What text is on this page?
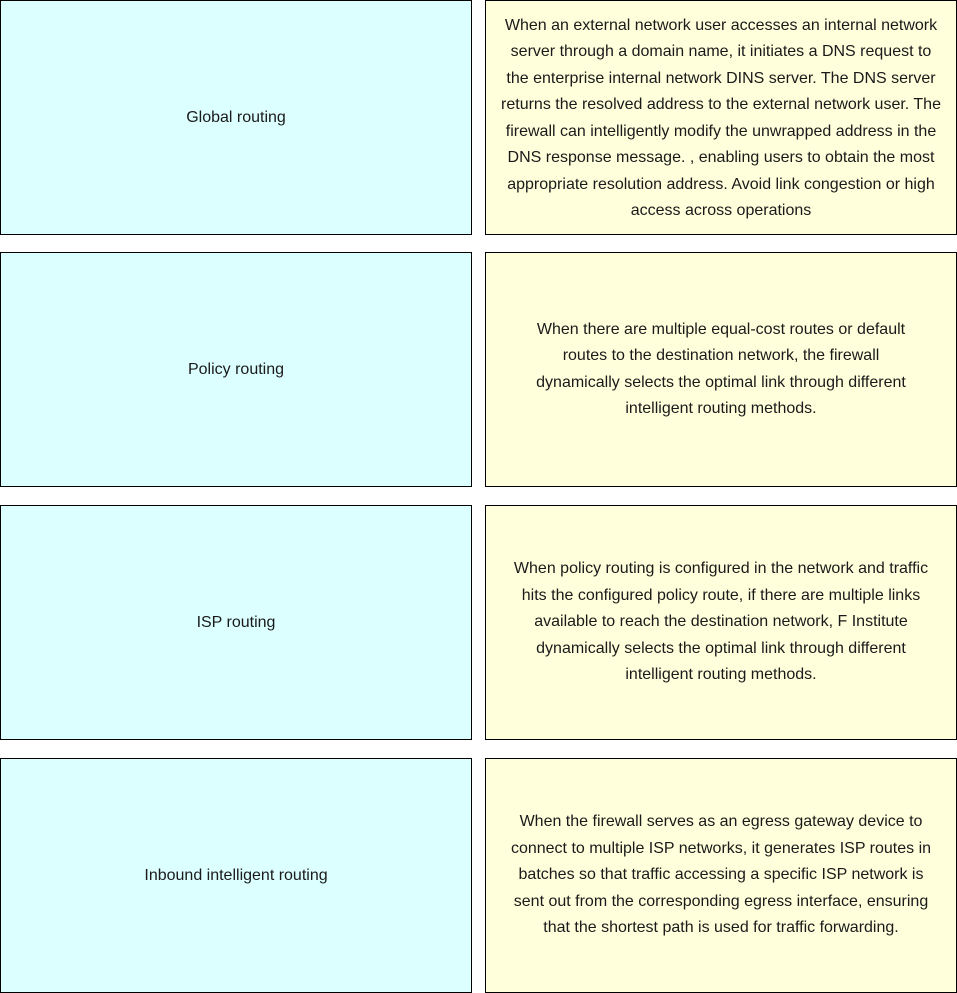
Global routing
When an external network user accesses an internal network server through a domain name, it initiates a DNS request to the enterprise internal network DINS server. The DNS server returns the resolved address to the external network user. The firewall can intelligently modify the unwrapped address in the DNS response message. , enabling users to obtain the most appropriate resolution address. Avoid link congestion or high access across operations
Policy routing
When there are multiple equal-cost routes or default routes to the destination network, the firewall dynamically selects the optimal link through different intelligent routing methods.
ISP routing
When policy routing is configured in the network and traffic hits the configured policy route, if there are multiple links available to reach the destination network, F Institute dynamically selects the optimal link through different intelligent routing methods.
Inbound intelligent routing
When the firewall serves as an egress gateway device to connect to multiple ISP networks, it generates ISP routes in batches so that traffic accessing a specific ISP network is sent out from the corresponding egress interface, ensuring that the shortest path is used for traffic forwarding.
